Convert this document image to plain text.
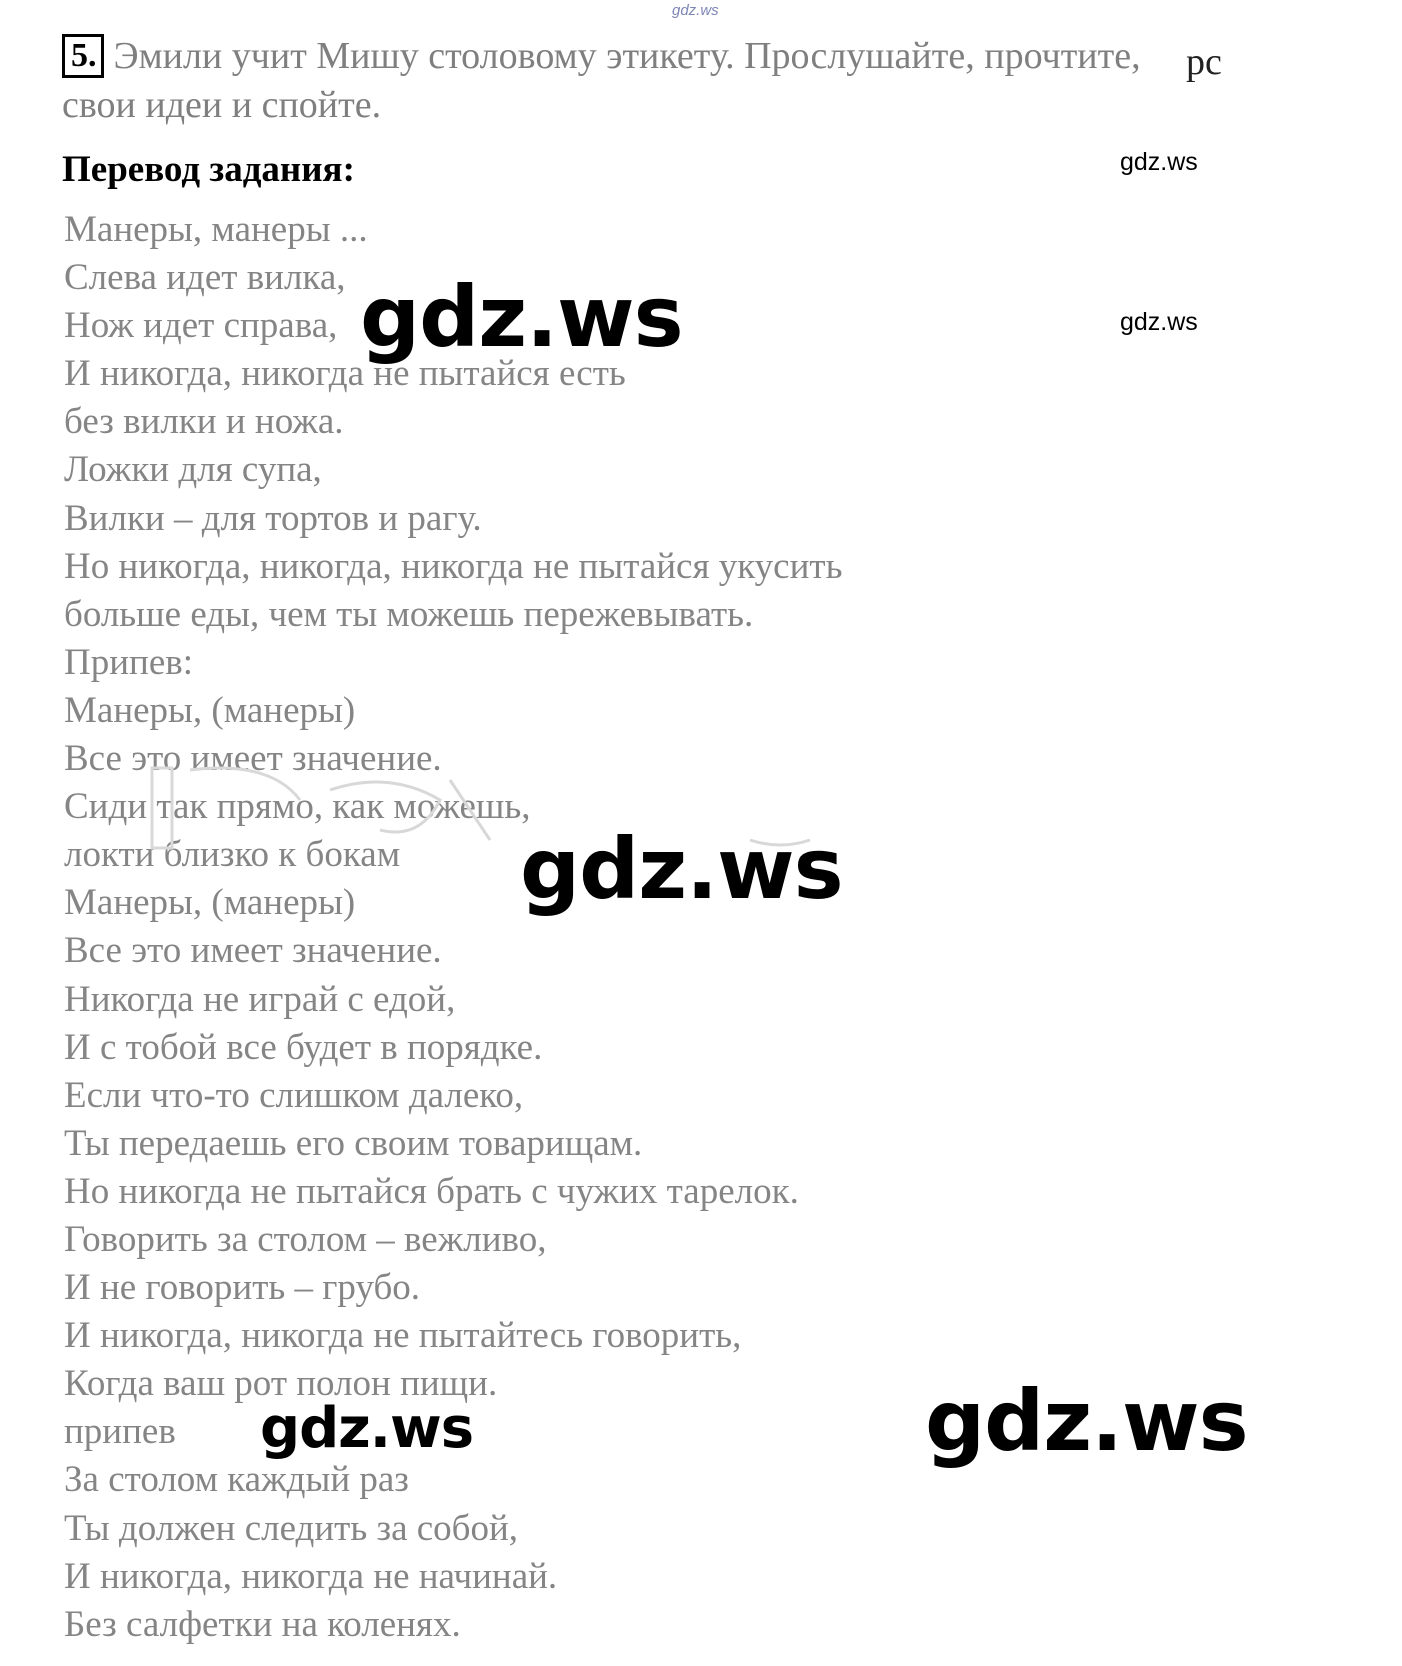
gdz.ws
5. Эмили учит Мишу столовому этикету. Прослушайте, прочтите, свои идеи и спойте.
рс
Перевод задания:
Манеры, манеры ...
Слева идет вилка,
Нож идет справа,
И никогда, никогда не пытайся есть
без вилки и ножа.
Ложки для супа,
Вилки – для тортов и рагу.
Но никогда, никогда, никогда не пытайся укусить
больше еды, чем ты можешь пережевывать.
Припев:
Манеры, (манеры)
Все это имеет значение.
Сиди так прямо, как можешь,
локти близко к бокам
Манеры, (манеры)
Все это имеет значение.
Никогда не играй с едой,
И с тобой все будет в порядке.
Если что-то слишком далеко,
Ты передаешь его своим товарищам.
Но никогда не пытайся брать с чужих тарелок.
Говорить за столом – вежливо,
И не говорить – грубо.
И никогда, никогда не пытайтесь говорить,
Когда ваш рот полон пищи.
припев
За столом каждый раз
Ты должен следить за собой,
И никогда, никогда не начинай.
Без салфетки на коленях.
gdz.ws
gdz.ws
gdz.ws
gdz.ws
gdz.ws	gdz.ws
